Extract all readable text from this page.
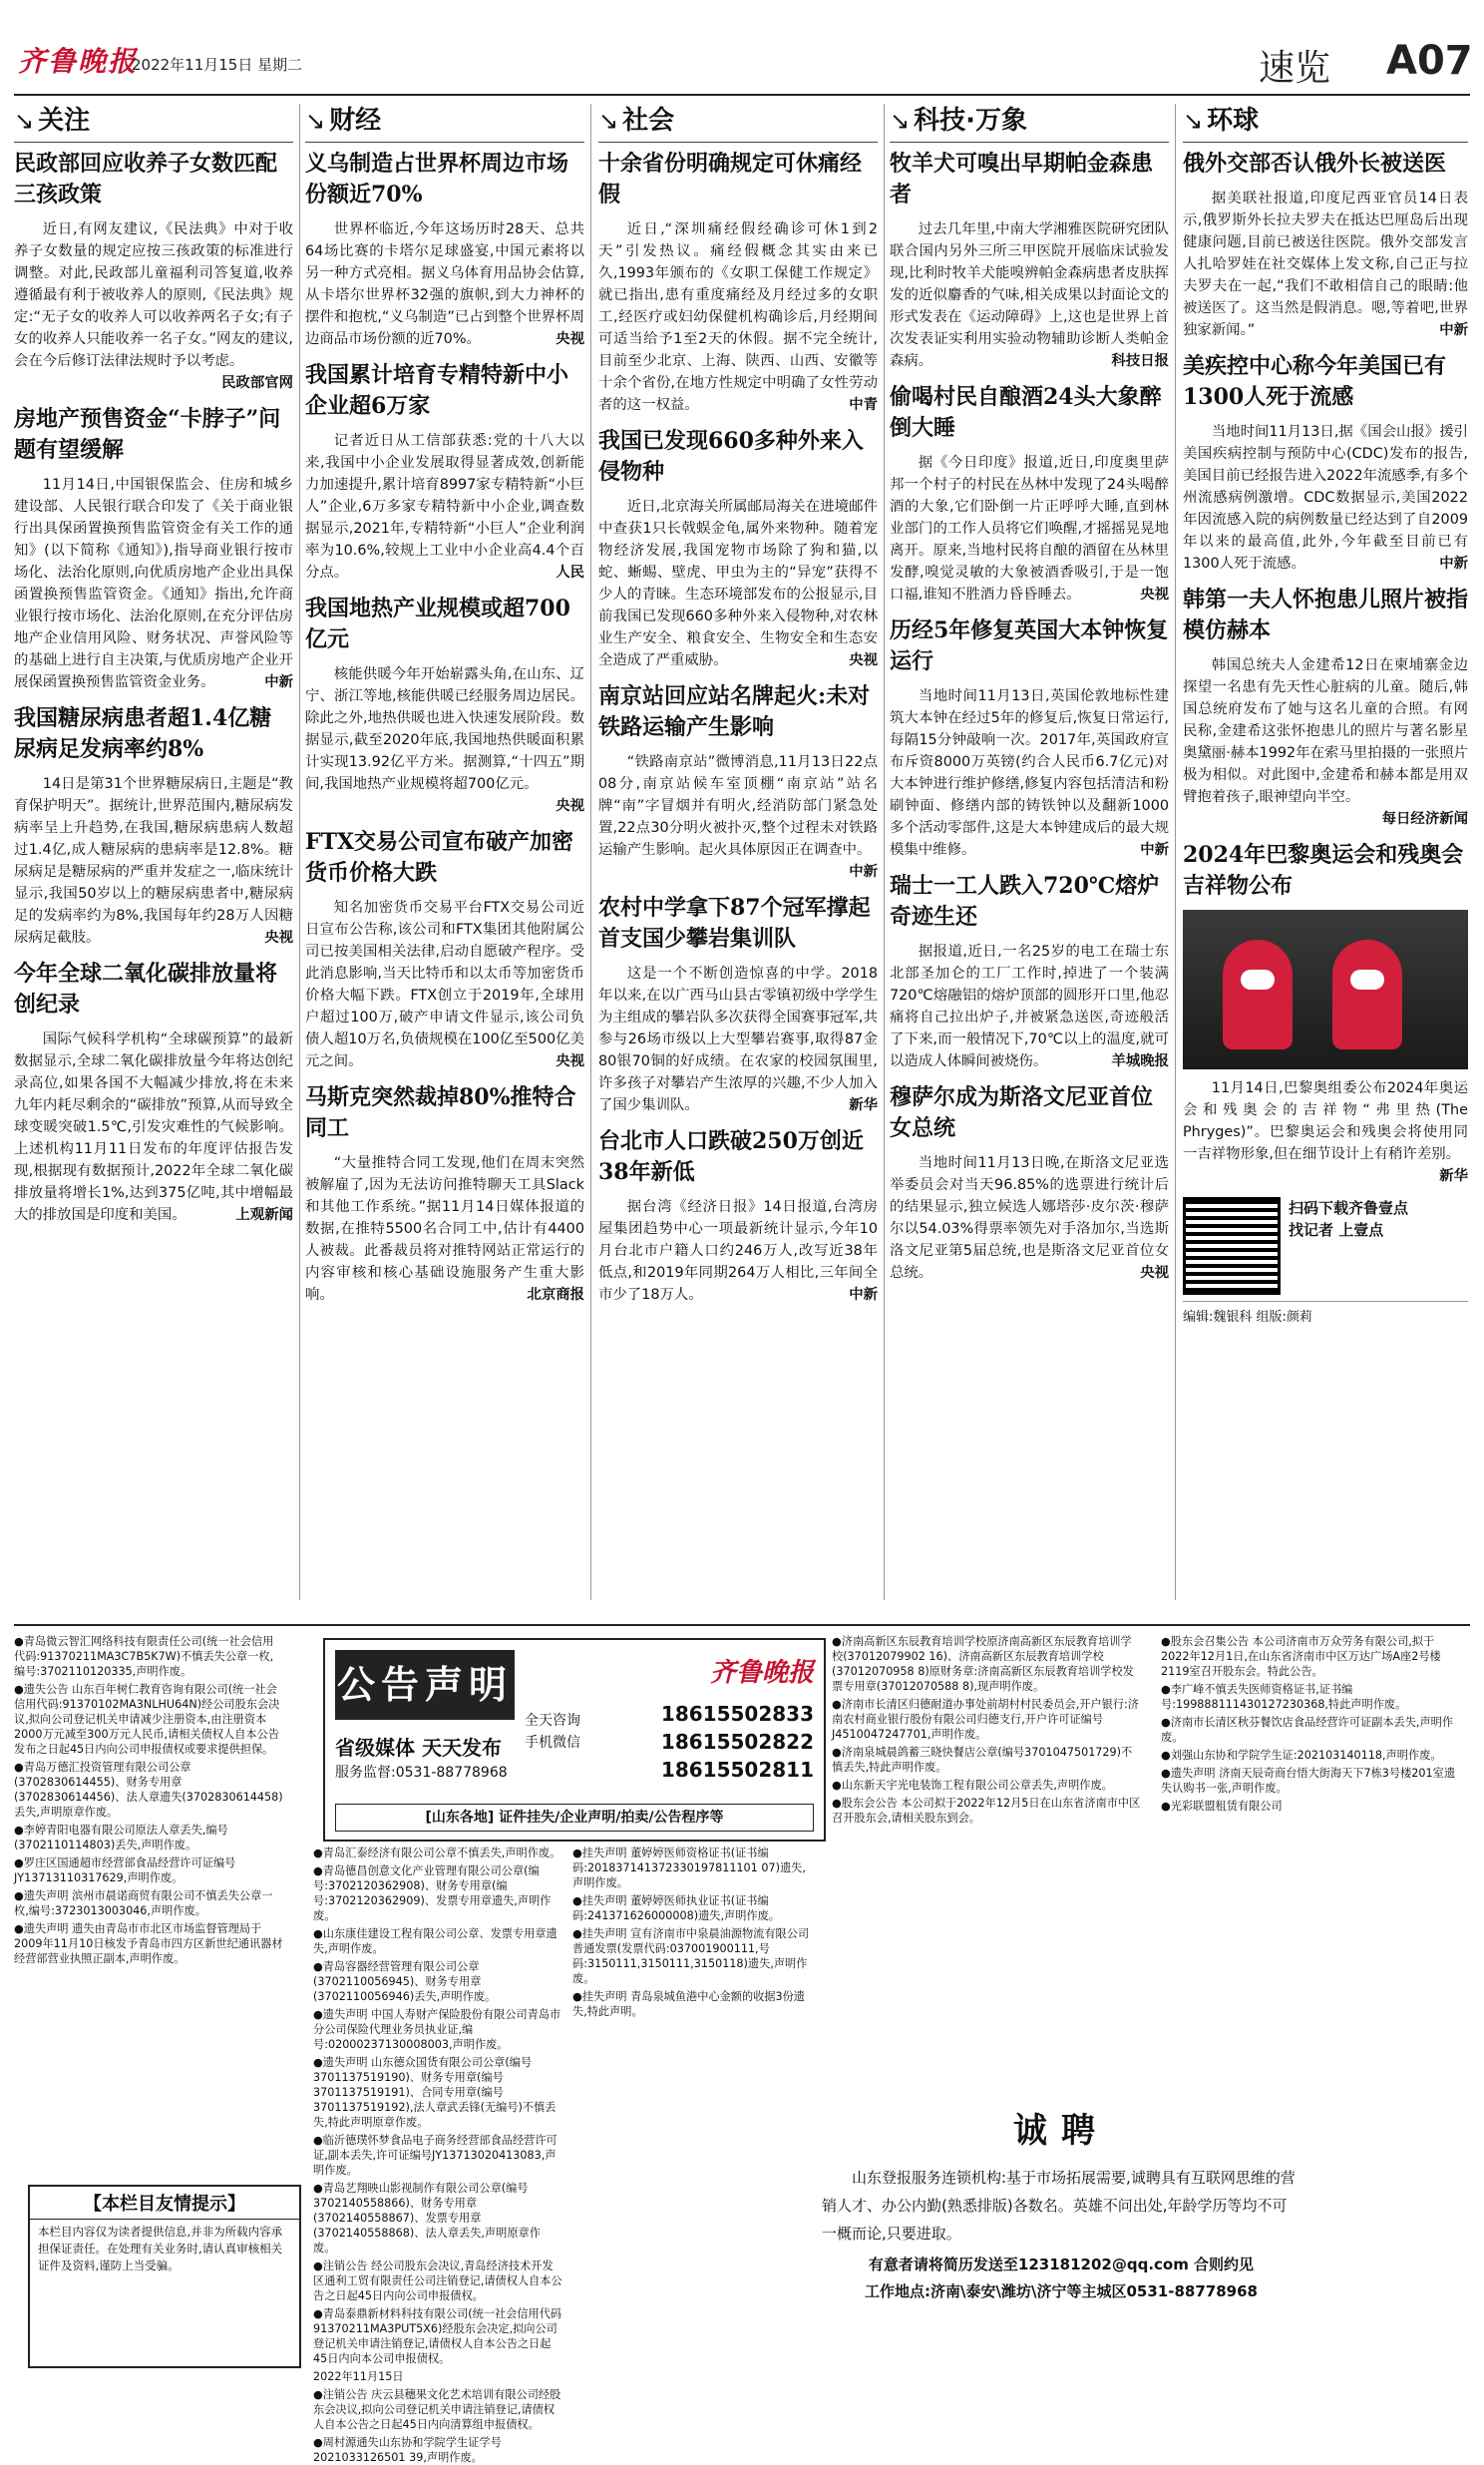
齐鲁晚报
2022年11月15日 星期二	速览 A07
↘ 关注
民政部回应收养子女数匹配三孩政策
近日,有网友建议,《民法典》中对于收养子女数量的规定应按三孩政策的标准进行调整。对此,民政部儿童福利司答复道,收养遵循最有利于被收养人的原则,《民法典》规定:“无子女的收养人可以收养两名子女;有子女的收养人只能收养一名子女。”网友的建议,会在今后修订法律法规时予以考虑。
民政部官网
房地产预售资金“卡脖子”问题有望缓解
11月14日,中国银保监会、住房和城乡建设部、人民银行联合印发了《关于商业银行出具保函置换预售监管资金有关工作的通知》(以下简称《通知》),指导商业银行按市场化、法治化原则,向优质房地产企业出具保函置换预售监管资金。《通知》指出,允许商业银行按市场化、法治化原则,在充分评估房地产企业信用风险、财务状况、声誉风险等的基础上进行自主决策,与优质房地产企业开展保函置换预售监管资金业务。	中新
我国糖尿病患者超1.4亿糖尿病足发病率约8%
14日是第31个世界糖尿病日,主题是“教育保护明天”。据统计,世界范围内,糖尿病发病率呈上升趋势,在我国,糖尿病患病人数超过1.4亿,成人糖尿病的患病率是12.8%。糖尿病足是糖尿病的严重并发症之一,临床统计显示,我国50岁以上的糖尿病患者中,糖尿病足的发病率约为8%,我国每年约28万人因糖尿病足截肢。	央视
今年全球二氧化碳排放量将创纪录
国际气候科学机构“全球碳预算”的最新数据显示,全球二氧化碳排放量今年将达创纪录高位,如果各国不大幅减少排放,将在未来九年内耗尽剩余的“碳排放”预算,从而导致全球变暖突破1.5℃,引发灾难性的气候影响。上述机构11月11日发布的年度评估报告发现,根据现有数据预计,2022年全球二氧化碳排放量将增长1%,达到375亿吨,其中增幅最大的排放国是印度和美国。	上观新闻
↘ 财经
义乌制造占世界杯周边市场份额近70%
世界杯临近,今年这场历时28天、总共64场比赛的卡塔尔足球盛宴,中国元素将以另一种方式亮相。据义乌体育用品协会估算,从卡塔尔世界杯32强的旗帜,到大力神杯的摆件和抱枕,“义乌制造”已占到整个世界杯周边商品市场份额的近70%。	央视
我国累计培育专精特新中小企业超6万家
记者近日从工信部获悉:党的十八大以来,我国中小企业发展取得显著成效,创新能力加速提升,累计培育8997家专精特新“小巨人”企业,6万多家专精特新中小企业,调查数据显示,2021年,专精特新“小巨人”企业利润率为10.6%,较规上工业中小企业高4.4个百分点。	人民
我国地热产业规模或超700亿元
核能供暖今年开始崭露头角,在山东、辽宁、浙江等地,核能供暖已经服务周边居民。除此之外,地热供暖也进入快速发展阶段。数据显示,截至2020年底,我国地热供暖面积累计实现13.92亿平方米。据测算,“十四五”期间,我国地热产业规模将超700亿元。
央视
FTX交易公司宣布破产加密货币价格大跌
知名加密货币交易平台FTX交易公司近日宣布公告称,该公司和FTX集团其他附属公司已按美国相关法律,启动自愿破产程序。受此消息影响,当天比特币和以太币等加密货币价格大幅下跌。FTX创立于2019年,全球用户超过100万,破产申请文件显示,该公司负债人超10万名,负债规模在100亿至500亿美元之间。	央视
马斯克突然裁掉80%推特合同工
“大量推特合同工发现,他们在周末突然被解雇了,因为无法访问推特聊天工具Slack和其他工作系统。”据11月14日媒体报道的数据,在推特5500名合同工中,估计有4400人被裁。此番裁员将对推特网站正常运行的内容审核和核心基础设施服务产生重大影响。	北京商报
↘ 社会
十余省份明确规定可休痛经假
近日,“深圳痛经假经确诊可休1到2天”引发热议。痛经假概念其实由来已久,1993年颁布的《女职工保健工作规定》就已指出,患有重度痛经及月经过多的女职工,经医疗或妇幼保健机构确诊后,月经期间可适当给予1至2天的休假。据不完全统计,目前至少北京、上海、陕西、山西、安徽等十余个省份,在地方性规定中明确了女性劳动者的这一权益。	中青
我国已发现660多种外来入侵物种
近日,北京海关所属邮局海关在进境邮件中查获1只长戟蜈金龟,属外来物种。随着宠物经济发展,我国宠物市场除了狗和猫,以蛇、蜥蜴、壁虎、甲虫为主的“异宠”获得不少人的青睐。生态环境部发布的公报显示,目前我国已发现660多种外来入侵物种,对农林业生产安全、粮食安全、生物安全和生态安全造成了严重威胁。	央视
南京站回应站名牌起火:未对铁路运输产生影响
“铁路南京站”微博消息,11月13日22点08分,南京站候车室顶棚“南京站”站名牌“南”字冒烟并有明火,经消防部门紧急处置,22点30分明火被扑灭,整个过程未对铁路运输产生影响。起火具体原因正在调查中。
中新
农村中学拿下87个冠军撑起首支国少攀岩集训队
这是一个不断创造惊喜的中学。2018年以来,在以广西马山县古零镇初级中学学生为主组成的攀岩队多次获得全国赛事冠军,共参与26场市级以上大型攀岩赛事,取得87金80银70铜的好成绩。在农家的校园氛围里,许多孩子对攀岩产生浓厚的兴趣,不少人加入了国少集训队。	新华
台北市人口跌破250万创近38年新低
据台湾《经济日报》14日报道,台湾房屋集团趋势中心一项最新统计显示,今年10月台北市户籍人口约246万人,改写近38年低点,和2019年同期264万人相比,三年间全市少了18万人。	中新
↘ 科技·万象
牧羊犬可嗅出早期帕金森患者
过去几年里,中南大学湘雅医院研究团队联合国内另外三所三甲医院开展临床试验发现,比利时牧羊犬能嗅辨帕金森病患者皮肤挥发的近似麝香的气味,相关成果以封面论文的形式发表在《运动障碍》上,这也是世界上首次发表证实利用实验动物辅助诊断人类帕金森病。	科技日报
偷喝村民自酿酒24头大象醉倒大睡
据《今日印度》报道,近日,印度奥里萨邦一个村子的村民在丛林中发现了24头喝醉酒的大象,它们卧倒一片正呼呼大睡,直到林业部门的工作人员将它们唤醒,才摇摇晃晃地离开。原来,当地村民将自酿的酒留在丛林里发酵,嗅觉灵敏的大象被酒香吸引,于是一饱口福,谁知不胜酒力昏昏睡去。	央视
历经5年修复英国大本钟恢复运行
当地时间11月13日,英国伦敦地标性建筑大本钟在经过5年的修复后,恢复日常运行,每隔15分钟敲响一次。2017年,英国政府宣布斥资8000万英镑(约合人民币6.7亿元)对大本钟进行维护修缮,修复内容包括清洁和粉刷钟面、修缮内部的铸铁钟以及翻新1000多个活动零部件,这是大本钟建成后的最大规模集中维修。	中新
瑞士一工人跌入720℃熔炉奇迹生还
据报道,近日,一名25岁的电工在瑞士东北部圣加仑的工厂工作时,掉进了一个装满720℃熔融铝的熔炉顶部的圆形开口里,他忍痛将自己拉出炉子,并被紧急送医,奇迹般活了下来,而一般情况下,70℃以上的温度,就可以造成人体瞬间被烧伤。	羊城晚报
穆萨尔成为斯洛文尼亚首位女总统
当地时间11月13日晚,在斯洛文尼亚选举委员会对当天96.85%的选票进行统计后的结果显示,独立候选人娜塔莎·皮尔茨·穆萨尔以54.03%得票率领先对手洛加尔,当选斯洛文尼亚第5届总统,也是斯洛文尼亚首位女总统。	央视
↘ 环球
俄外交部否认俄外长被送医
据美联社报道,印度尼西亚官员14日表示,俄罗斯外长拉夫罗夫在抵达巴厘岛后出现健康问题,目前已被送往医院。俄外交部发言人扎哈罗娃在社交媒体上发文称,自己正与拉夫罗夫在一起,“我们不敢相信自己的眼睛:他被送医了。这当然是假消息。嗯,等着吧,世界独家新闻。”	中新
美疾控中心称今年美国已有1300人死于流感
当地时间11月13日,据《国会山报》援引美国疾病控制与预防中心(CDC)发布的报告,美国目前已经报告进入2022年流感季,有多个州流感病例激增。CDC数据显示,美国2022年因流感入院的病例数量已经达到了自2009年以来的最高值,此外,今年截至目前已有1300人死于流感。	中新
韩第一夫人怀抱患儿照片被指模仿赫本
韩国总统夫人金建希12日在柬埔寨金边探望一名患有先天性心脏病的儿童。随后,韩国总统府发布了她与这名儿童的合照。有网民称,金建希这张怀抱患儿的照片与著名影星奥黛丽·赫本1992年在索马里拍摄的一张照片极为相似。对此图中,金建希和赫本都是用双臂抱着孩子,眼神望向半空。
每日经济新闻
2024年巴黎奥运会和残奥会吉祥物公布
11月14日,巴黎奥组委公布2024年奥运会和残奥会的吉祥物“弗里热(The Phryges)”。巴黎奥运会和残奥会将使用同一吉祥物形象,但在细节设计上有稍许差别。
新华
扫码下载齐鲁壹点
找记者 上壹点
编辑:魏银科 组版:颜莉
●青岛微云智汇网络科技有限责任公司(统一社会信用代码:91370211MA3C7B5K7W)不慎丢失公章一枚,编号:3702110120335,声明作废。
●遗失公告 山东百年树仁教育咨询有限公司(统一社会信用代码:91370102MA3NLHU64N)经公司股东会决议,拟向公司登记机关申请减少注册资本,由注册资本2000万元减至300万元人民币,请相关债权人自本公告发布之日起45日内向公司申报债权或要求提供担保。
●青岛万德汇投资管理有限公司公章(3702830614455)、财务专用章(3702830614456)、法人章遗失(3702830614458)丢失,声明原章作废。
●李婷青阳电器有限公司原法人章丢失,编号(3702110114803)丢失,声明作废。
●罗庄区国通超市经营部食品经营许可证编号JY13713110317629,声明作废。
●遗失声明 滨州市晨诺商贸有限公司不慎丢失公章一枚,编号:3723013003046,声明作废。
●遗失声明 遗失由青岛市市北区市场监督管理局于2009年11月10日核发予青岛市四方区新世纪通讯器材经营部营业执照正副本,声明作废。
【本栏目友情提示】
本栏目内容仅为读者提供信息,并非为所载内容承担保证责任。在处理有关业务时,请认真审核相关证件及资料,谨防上当受骗。
●青岛汇泰经济有限公司公章不慎丢失,声明作废。
●青岛德昌创意文化产业管理有限公司公章(编号:3702120362908)、财务专用章(编号:3702120362909)、发票专用章遗失,声明作废。
●山东康佳建设工程有限公司公章、发票专用章遗失,声明作废。
●青岛容器经营管理有限公司公章(3702110056945)、财务专用章(3702110056946)丢失,声明作废。
●遗失声明 中国人寿财产保险股份有限公司青岛市分公司保险代理业务员执业证,编号:02000237130008003,声明作废。
●遗失声明 山东德众国货有限公司公章(编号3701137519190)、财务专用章(编号3701137519191)、合同专用章(编号3701137519192),法人章武丢锋(无编号)不慎丢失,特此声明原章作废。
●临沂德璞怀梦食品电子商务经营部食品经营许可证,副本丢失,许可证编号JY13713020413083,声明作废。
●青岛艺翔映山影视制作有限公司公章(编号3702140558866)、财务专用章(3702140558867)、发票专用章(3702140558868)、法人章丢失,声明原章作废。
●注销公告 经公司股东会决议,青岛经济技术开发区通利工贸有限责任公司注销登记,请债权人自本公告之日起45日内向公司申报债权。
●青岛泰鼎新材料科技有限公司(统一社会信用代码91370211MA3PUT5X6)经股东会决定,拟向公司登记机关申请注销登记,请债权人自本公告之日起45日内向本公司申报债权。
2022年11月15日
●注销公告 庆云县穗果文化艺术培训有限公司经股东会决议,拟向公司登记机关申请注销登记,请债权人自本公告之日起45日内向清算组申报债权。
●周村源通失山东协和学院学生证学号2021033126501 39,声明作废。
●挂失声明 董婷婷医师资格证书(证书编码:201837141372330197811101 07)遗失,声明作废。
●挂失声明 董婷婷医师执业证书(证书编码:241371626000008)遗失,声明作废。
●挂失声明 宣有济南市中泉晨油源物流有限公司普通发票(发票代码:037001900111,号码:3150111,3150111,3150118)遗失,声明作废。
●挂失声明 青岛泉城鱼港中心金额的收据3份遗失,特此声明。
●济南高新区东辰教育培训学校原济南高新区东辰教育培训学校(37012079902 16)、济南高新区东辰教育培训学校(37012070958 8)原财务章:济南高新区东辰教育培训学校发票专用章(37012070588 8),现声明作废。
●济南市长清区归德耐道办事处前胡村村民委员会,开户银行:济南农村商业银行股份有限公司归德支行,开户许可证编号J4510047247701,声明作废。
●济南泉城晨鸽蓄三晓快餐店公章(编号3701047501729)不慎丢失,特此声明作废。
●山东新天宇光电装饰工程有限公司公章丢失,声明作废。
●股东会公告 本公司拟于2022年12月5日在山东省济南市中区召开股东会,请相关股东到会。
●股东会召集公告 本公司济南市万众劳务有限公司,拟于2022年12月1日,在山东省济南市中区万达广场A座2号楼2119室召开股东会。特此公告。
●李广峰不慎丢失医师资格证书,证书编号:199888111430127230368,特此声明作废。
●济南市长清区秋芬餐饮店食品经营许可证副本丢失,声明作废。
●刘强山东协和学院学生证:202103140118,声明作废。
●遗失声明 济南天辰奇商台悟大街海天下7栋3号楼201室遗失认购书一张,声明作废。
●光彩联盟租赁有限公司
公告声明
省级媒体 天天发布
服务监督:0531-88778968
齐鲁晚报
全天咨询
手机微信
18615502833
18615502822
18615502811
[山东各地] 证件挂失/企业声明/拍卖/公告程序等
诚聘
山东登报服务连锁机构:基于市场拓展需要,诚聘具有互联网思维的营销人才、办公内勤(熟悉排版)各数名。英雄不问出处,年龄学历等均不可一概而论,只要进取。
有意者请将简历发送至123181202@qq.com 合则约见
工作地点:济南\泰安\潍坊\济宁等主城区0531-88778968
